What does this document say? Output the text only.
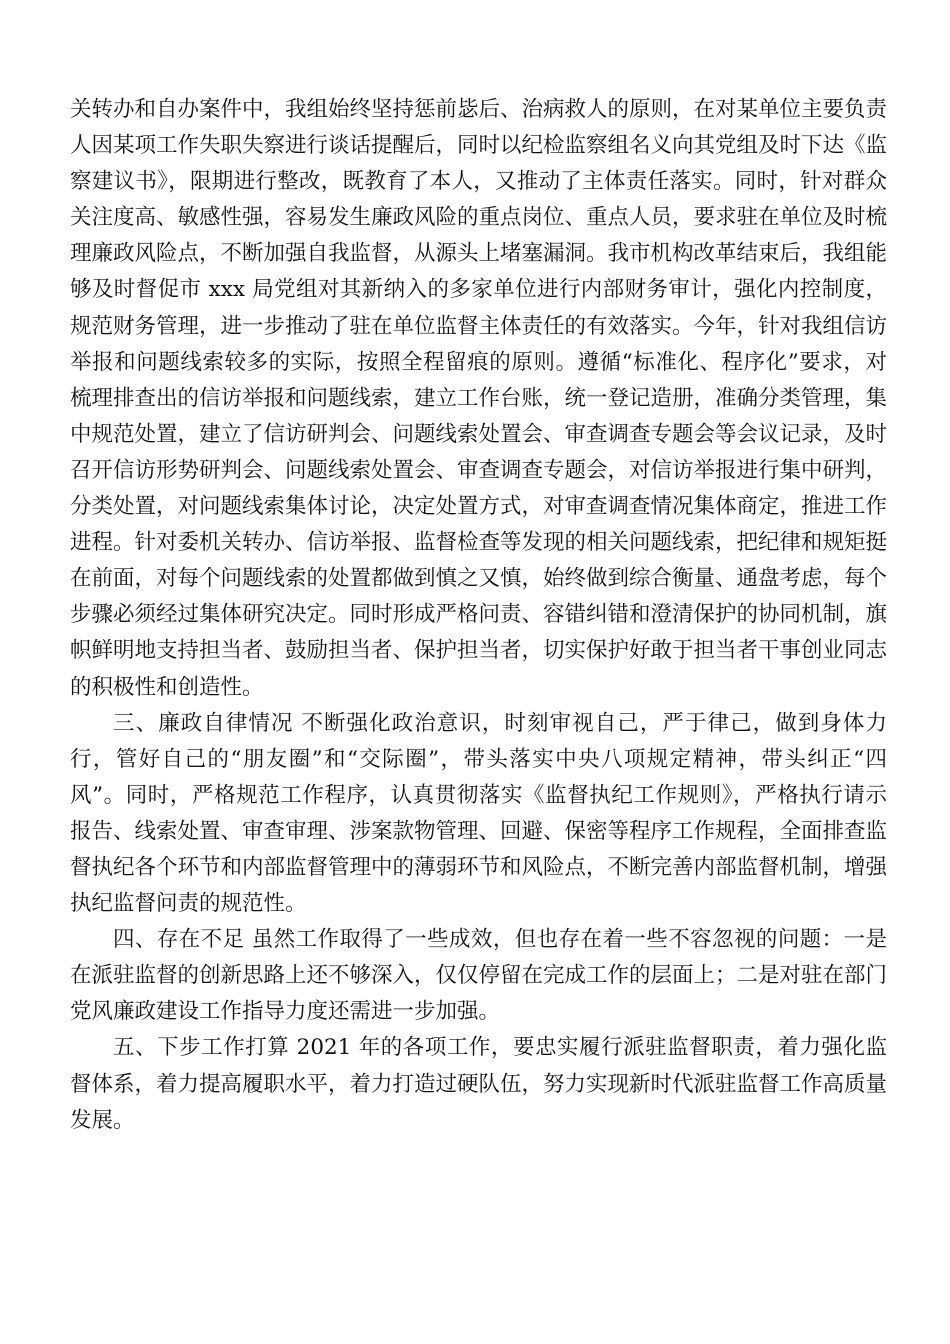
关转办和自办案件中，我组始终坚持惩前毖后、治病救人的原则，在对某单位主要负责人因某项工作失职失察进行谈话提醒后，同时以纪检监察组名义向其党组及时下达《监察建议书》，限期进行整改，既教育了本人，又推动了主体责任落实。同时，针对群众关注度高、敏感性强，容易发生廉政风险的重点岗位、重点人员，要求驻在单位及时梳理廉政风险点，不断加强自我监督，从源头上堵塞漏洞。我市机构改革结束后，我组能够及时督促市 xxx 局党组对其新纳入的多家单位进行内部财务审计，强化内控制度，规范财务管理，进一步推动了驻在单位监督主体责任的有效落实。今年，针对我组信访举报和问题线索较多的实际，按照全程留痕的原则。遵循“标准化、程序化”要求，对梳理排查出的信访举报和问题线索，建立工作台账，统一登记造册，准确分类管理，集中规范处置，建立了信访研判会、问题线索处置会、审查调查专题会等会议记录，及时召开信访形势研判会、问题线索处置会、审查调查专题会，对信访举报进行集中研判，分类处置，对问题线索集体讨论，决定处置方式，对审查调查情况集体商定，推进工作进程。针对委机关转办、信访举报、监督检查等发现的相关问题线索，把纪律和规矩挺在前面，对每个问题线索的处置都做到慎之又慎，始终做到综合衡量、通盘考虑，每个步骤必须经过集体研究决定。同时形成严格问责、容错纠错和澄清保护的协同机制，旗帜鲜明地支持担当者、鼓励担当者、保护担当者，切实保护好敢于担当者干事创业同志的积极性和创造性。

三、廉政自律情况 不断强化政治意识，时刻审视自己，严于律己，做到身体力行，管好自己的“朋友圈”和“交际圈”，带头落实中央八项规定精神，带头纠正“四风”。同时，严格规范工作程序，认真贯彻落实《监督执纪工作规则》，严格执行请示报告、线索处置、审查审理、涉案款物管理、回避、保密等程序工作规程，全面排查监督执纪各个环节和内部监督管理中的薄弱环节和风险点，不断完善内部监督机制，增强执纪监督问责的规范性。

四、存在不足 虽然工作取得了一些成效，但也存在着一些不容忽视的问题：一是在派驻监督的创新思路上还不够深入，仅仅停留在完成工作的层面上；二是对驻在部门党风廉政建设工作指导力度还需进一步加强。

五、下步工作打算 2021 年的各项工作，要忠实履行派驻监督职责，着力强化监督体系，着力提高履职水平，着力打造过硬队伍，努力实现新时代派驻监督工作高质量发展。
